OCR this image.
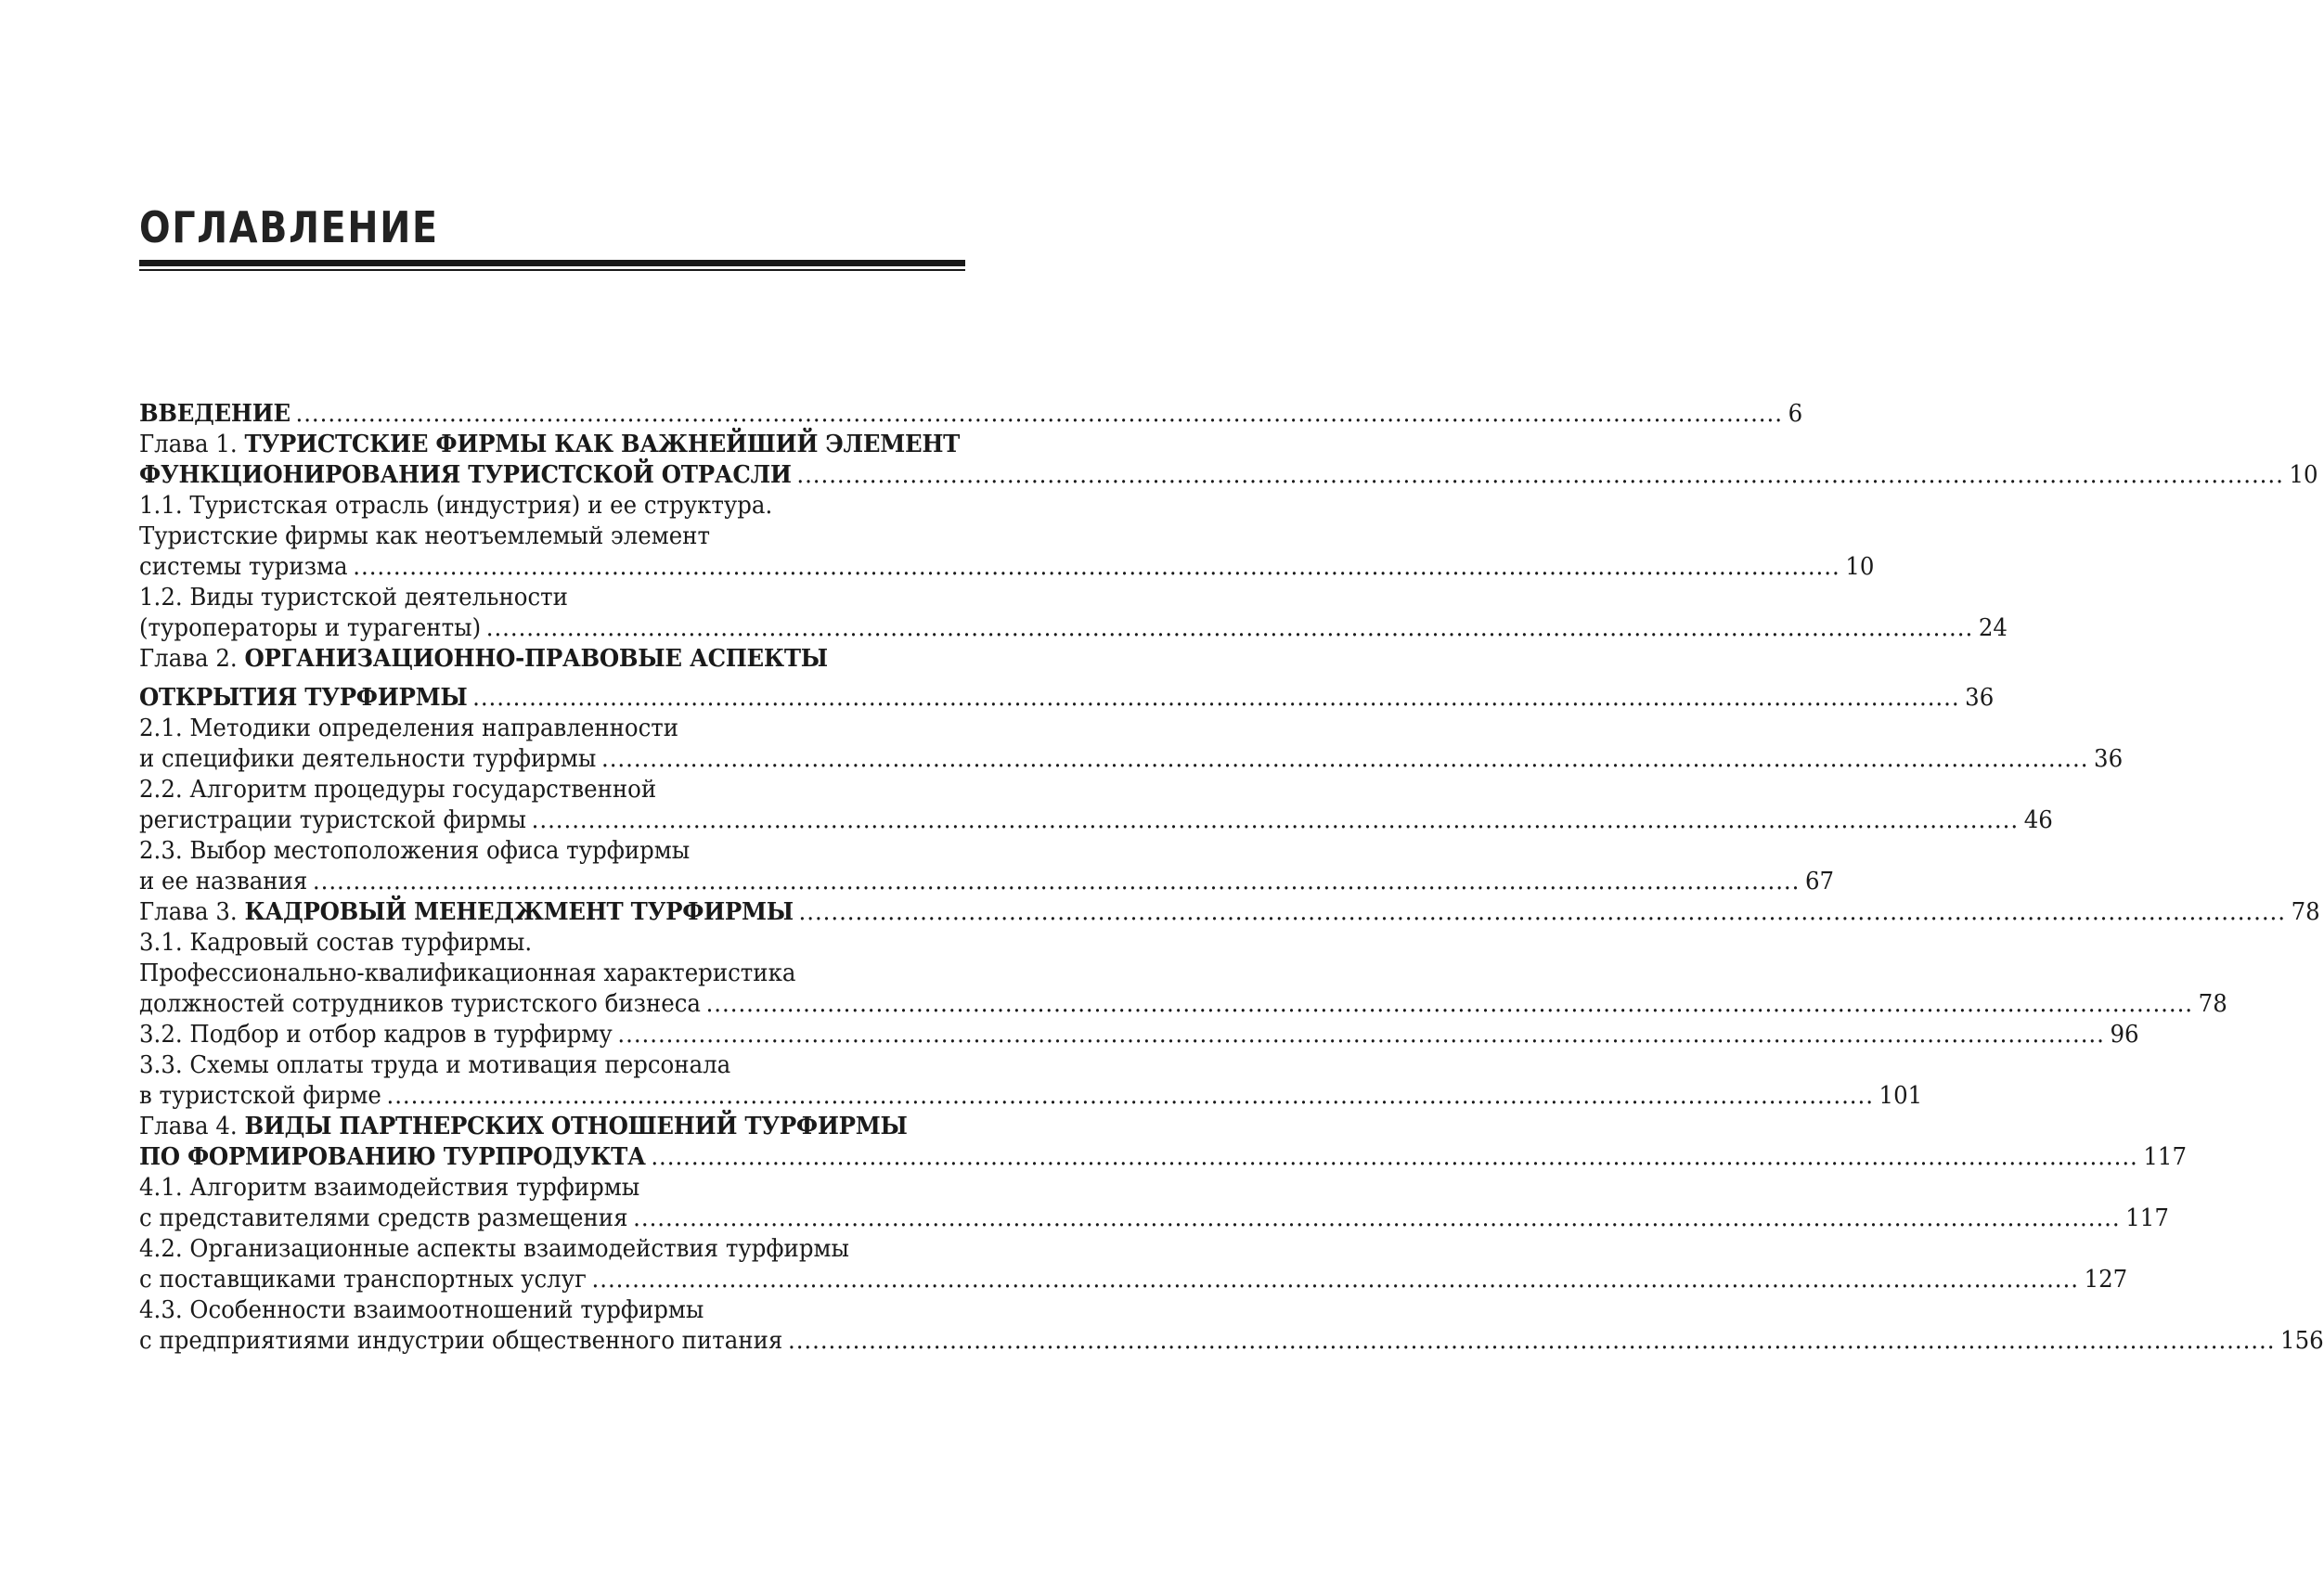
ОГЛАВЛЕНИЕ
ВВЕДЕНИЕ ........................................................................................................................................................................................ 6
Глава 1. ТУРИСТСКИЕ ФИРМЫ КАК ВАЖНЕЙШИЙ ЭЛЕМЕНТ
ФУНКЦИОНИРОВАНИЯ ТУРИСТСКОЙ ОТРАСЛИ ........................................................................................................................................................................................ 10
1.1. Туристская отрасль (индустрия) и ее структура.
Туристские фирмы как неотъемлемый элемент
системы туризма ........................................................................................................................................................................................ 10
1.2. Виды туристской деятельности
(туроператоры и турагенты) ........................................................................................................................................................................................ 24
Глава 2. ОРГАНИЗАЦИОННО-ПРАВОВЫЕ АСПЕКТЫ
ОТКРЫТИЯ ТУРФИРМЫ ........................................................................................................................................................................................ 36
2.1. Методики определения направленности
и специфики деятельности турфирмы ........................................................................................................................................................................................ 36
2.2. Алгоритм процедуры государственной
регистрации туристской фирмы ........................................................................................................................................................................................ 46
2.3. Выбор местоположения офиса турфирмы
и ее названия ........................................................................................................................................................................................ 67
Глава 3. КАДРОВЫЙ МЕНЕДЖМЕНТ ТУРФИРМЫ ........................................................................................................................................................................................ 78
3.1. Кадровый состав турфирмы.
Профессионально-квалификационная характеристика
должностей сотрудников туристского бизнеса ........................................................................................................................................................................................ 78
3.2. Подбор и отбор кадров в турфирму ........................................................................................................................................................................................ 96
3.3. Схемы оплаты труда и мотивация персонала
в туристской фирме ........................................................................................................................................................................................ 101
Глава 4. ВИДЫ ПАРТНЕРСКИХ ОТНОШЕНИЙ ТУРФИРМЫ
ПО ФОРМИРОВАНИЮ ТУРПРОДУКТА ........................................................................................................................................................................................ 117
4.1. Алгоритм взаимодействия турфирмы
с представителями средств размещения ........................................................................................................................................................................................ 117
4.2. Организационные аспекты взаимодействия турфирмы
с поставщиками транспортных услуг ........................................................................................................................................................................................ 127
4.3. Особенности взаимоотношений турфирмы
с предприятиями индустрии общественного питания ........................................................................................................................................................................................ 156
